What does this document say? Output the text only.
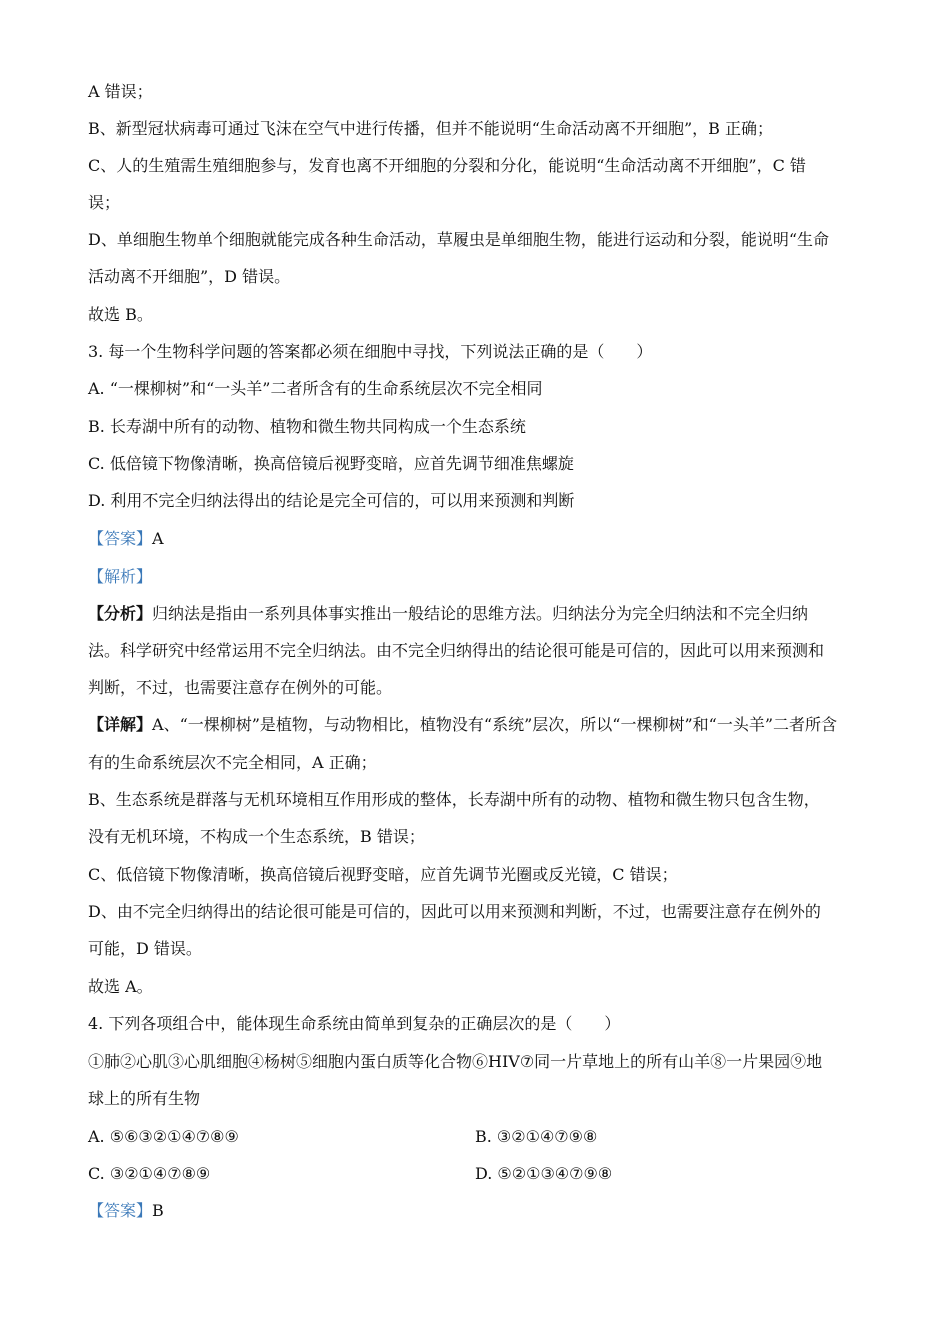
A 错误；
B、新型冠状病毒可通过飞沫在空气中进行传播，但并不能说明“生命活动离不开细胞”，B 正确；
C、人的生殖需生殖细胞参与，发育也离不开细胞的分裂和分化，能说明“生命活动离不开细胞”，C 错
误；
D、单细胞生物单个细胞就能完成各种生命活动，草履虫是单细胞生物，能进行运动和分裂，能说明“生命
活动离不开细胞”，D 错误。
故选 B。
3. 每一个生物科学问题的答案都必须在细胞中寻找，下列说法正确的是（　　）
A. “一棵柳树”和“一头羊”二者所含有的生命系统层次不完全相同
B. 长寿湖中所有的动物、植物和微生物共同构成一个生态系统
C. 低倍镜下物像清晰，换高倍镜后视野变暗，应首先调节细准焦螺旋
D. 利用不完全归纳法得出的结论是完全可信的，可以用来预测和判断
【答案】A
【解析】
【分析】归纳法是指由一系列具体事实推出一般结论的思维方法。归纳法分为完全归纳法和不完全归纳
法。科学研究中经常运用不完全归纳法。由不完全归纳得出的结论很可能是可信的，因此可以用来预测和
判断，不过，也需要注意存在例外的可能。
【详解】A、“一棵柳树”是植物，与动物相比，植物没有“系统”层次，所以“一棵柳树”和“一头羊”二者所含
有的生命系统层次不完全相同，A 正确；
B、生态系统是群落与无机环境相互作用形成的整体，长寿湖中所有的动物、植物和微生物只包含生物，
没有无机环境，不构成一个生态系统，B 错误；
C、低倍镜下物像清晰，换高倍镜后视野变暗，应首先调节光圈或反光镜，C 错误；
D、由不完全归纳得出的结论很可能是可信的，因此可以用来预测和判断，不过，也需要注意存在例外的
可能，D 错误。
故选 A。
4. 下列各项组合中，能体现生命系统由简单到复杂的正确层次的是（　　）
①肺②心肌③心肌细胞④杨树⑤细胞内蛋白质等化合物⑥HIV⑦同一片草地上的所有山羊⑧一片果园⑨地
球上的所有生物
A. ⑤⑥③②①④⑦⑧⑨	B. ③②①④⑦⑨⑧
C. ③②①④⑦⑧⑨	D. ⑤②①③④⑦⑨⑧
【答案】B
